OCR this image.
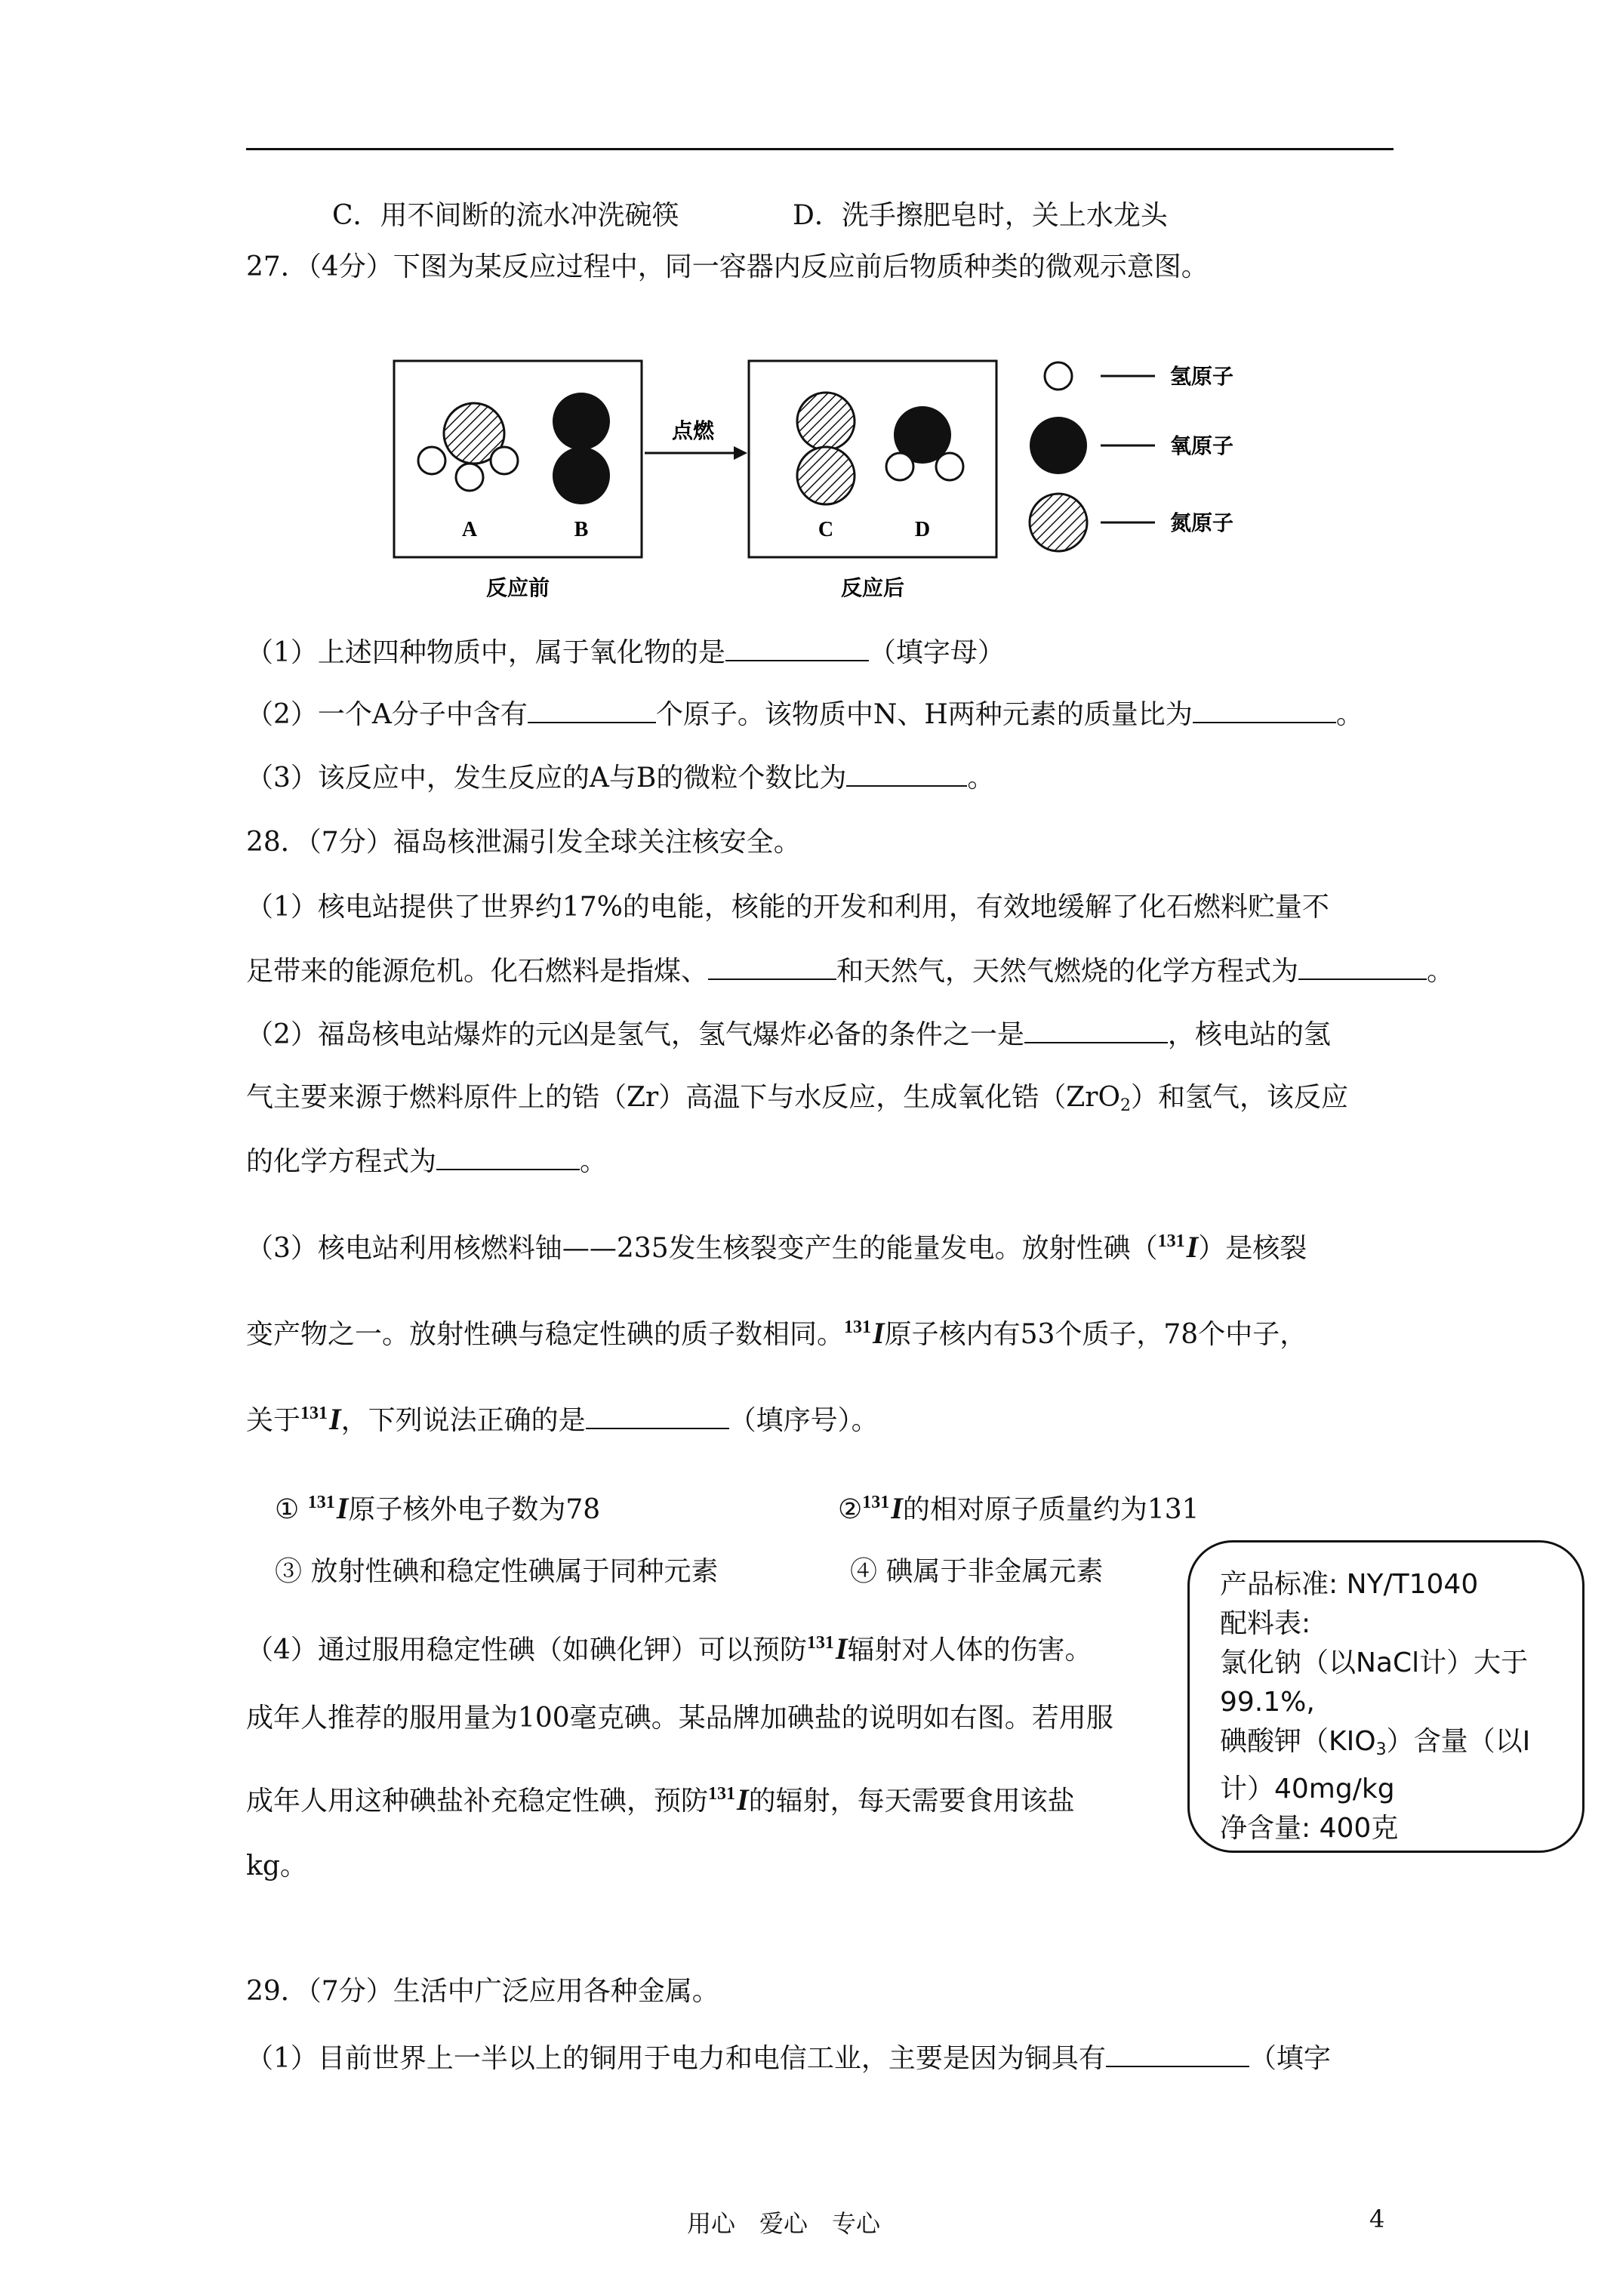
C．用不间断的流水冲洗碗筷	D．洗手擦肥皂时，关上水龙头
27．（4分）下图为某反应过程中，同一容器内反应前后物质种类的微观示意图。
点燃
A	B	C	D
反应前	反应后
氢原子
氧原子
氮原子
（1）上述四种物质中，属于氧化物的是	（填字母）
（2）一个A分子中含有	个原子。该物质中N、H两种元素的质量比为	。
（3）该反应中，发生反应的A与B的微粒个数比为	。
28．（7分）福岛核泄漏引发全球关注核安全。
（1）核电站提供了世界约17%的电能，核能的开发和利用，有效地缓解了化石燃料贮量不
足带来的能源危机。化石燃料是指煤、	和天然气，天然气燃烧的化学方程式为	。
（2）福岛核电站爆炸的元凶是氢气，氢气爆炸必备的条件之一是	，核电站的氢
气主要来源于燃料原件上的锆（Zr）高温下与水反应，生成氧化锆（ZrO2）和氢气，该反应
的化学方程式为	。
（3）核电站利用核燃料铀——235发生核裂变产生的能量发电。放射性碘（$^{131}$I）是核裂
变产物之一。放射性碘与稳定性碘的质子数相同。$^{131}$I原子核内有53个质子，78个中子，
关于$^{131}$I，下列说法正确的是	（填序号）。
① $^{131}$I原子核外电子数为78	②$^{131}$I的相对原子质量约为131
③ 放射性碘和稳定性碘属于同种元素	④ 碘属于非金属元素
（4）通过服用稳定性碘（如碘化钾）可以预防$^{131}$I辐射对人体的伤害。
成年人推荐的服用量为100毫克碘。某品牌加碘盐的说明如右图。若用服
成年人用这种碘盐补充稳定性碘，预防$^{131}$I的辐射，每天需要食用该盐
kg。
产品标准: NY/T1040
配料表:
氯化钠（以NaCl计）大于
99.1%,
碘酸钾（KIO3）含量（以I
计）40mg/kg
净含量: 400克
29．（7分）生活中广泛应用各种金属。
（1）目前世界上一半以上的铜用于电力和电信工业，主要是因为铜具有	（填字
用心　爱心　专心	4
